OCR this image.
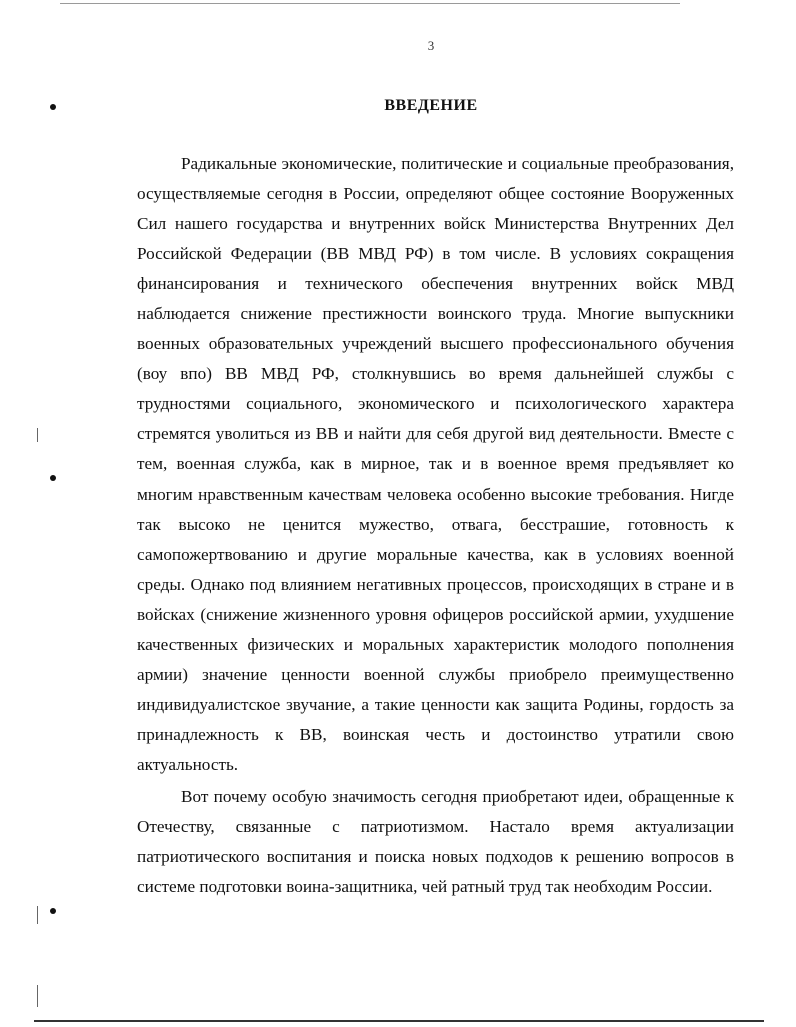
3
ВВЕДЕНИЕ

Радикальные экономические, политические и социальные преобразования, осуществляемые сегодня в России, определяют общее состояние Вооруженных Сил нашего государства и внутренних войск Министерства Внутренних Дел Российской Федерации (ВВ МВД РФ) в том числе. В условиях сокращения финансирования и технического обеспечения внутренних войск МВД наблюдается снижение престижности воинского труда. Многие выпускники военных образовательных учреждений высшего профессионального обучения (воу впо) ВВ МВД РФ, столкнувшись во время дальнейшей службы с трудностями социального, экономического и психологического характера стремятся уволиться из ВВ и найти для себя другой вид деятельности. Вместе с тем, военная служба, как в мирное, так и в военное время предъявляет ко многим нравственным качествам человека особенно высокие требования. Нигде так высоко не ценится мужество, отвага, бесстрашие, готовность к самопожертвованию и другие моральные качества, как в условиях военной среды. Однако под влиянием негативных процессов, происходящих в стране и в войсках (снижение жизненного уровня офицеров российской армии, ухудшение качественных физических и моральных характеристик молодого пополнения армии) значение ценности военной службы приобрело преимущественно индивидуалистское звучание, а такие ценности как защита Родины, гордость за принадлежность к ВВ, воинская честь и достоинство утратили свою актуальность.

Вот почему особую значимость сегодня приобретают идеи, обращенные к Отечеству, связанные с патриотизмом. Настало время актуализации патриотического воспитания и поиска новых подходов к решению вопросов в системе подготовки воина-защитника, чей ратный труд так необходим России.
